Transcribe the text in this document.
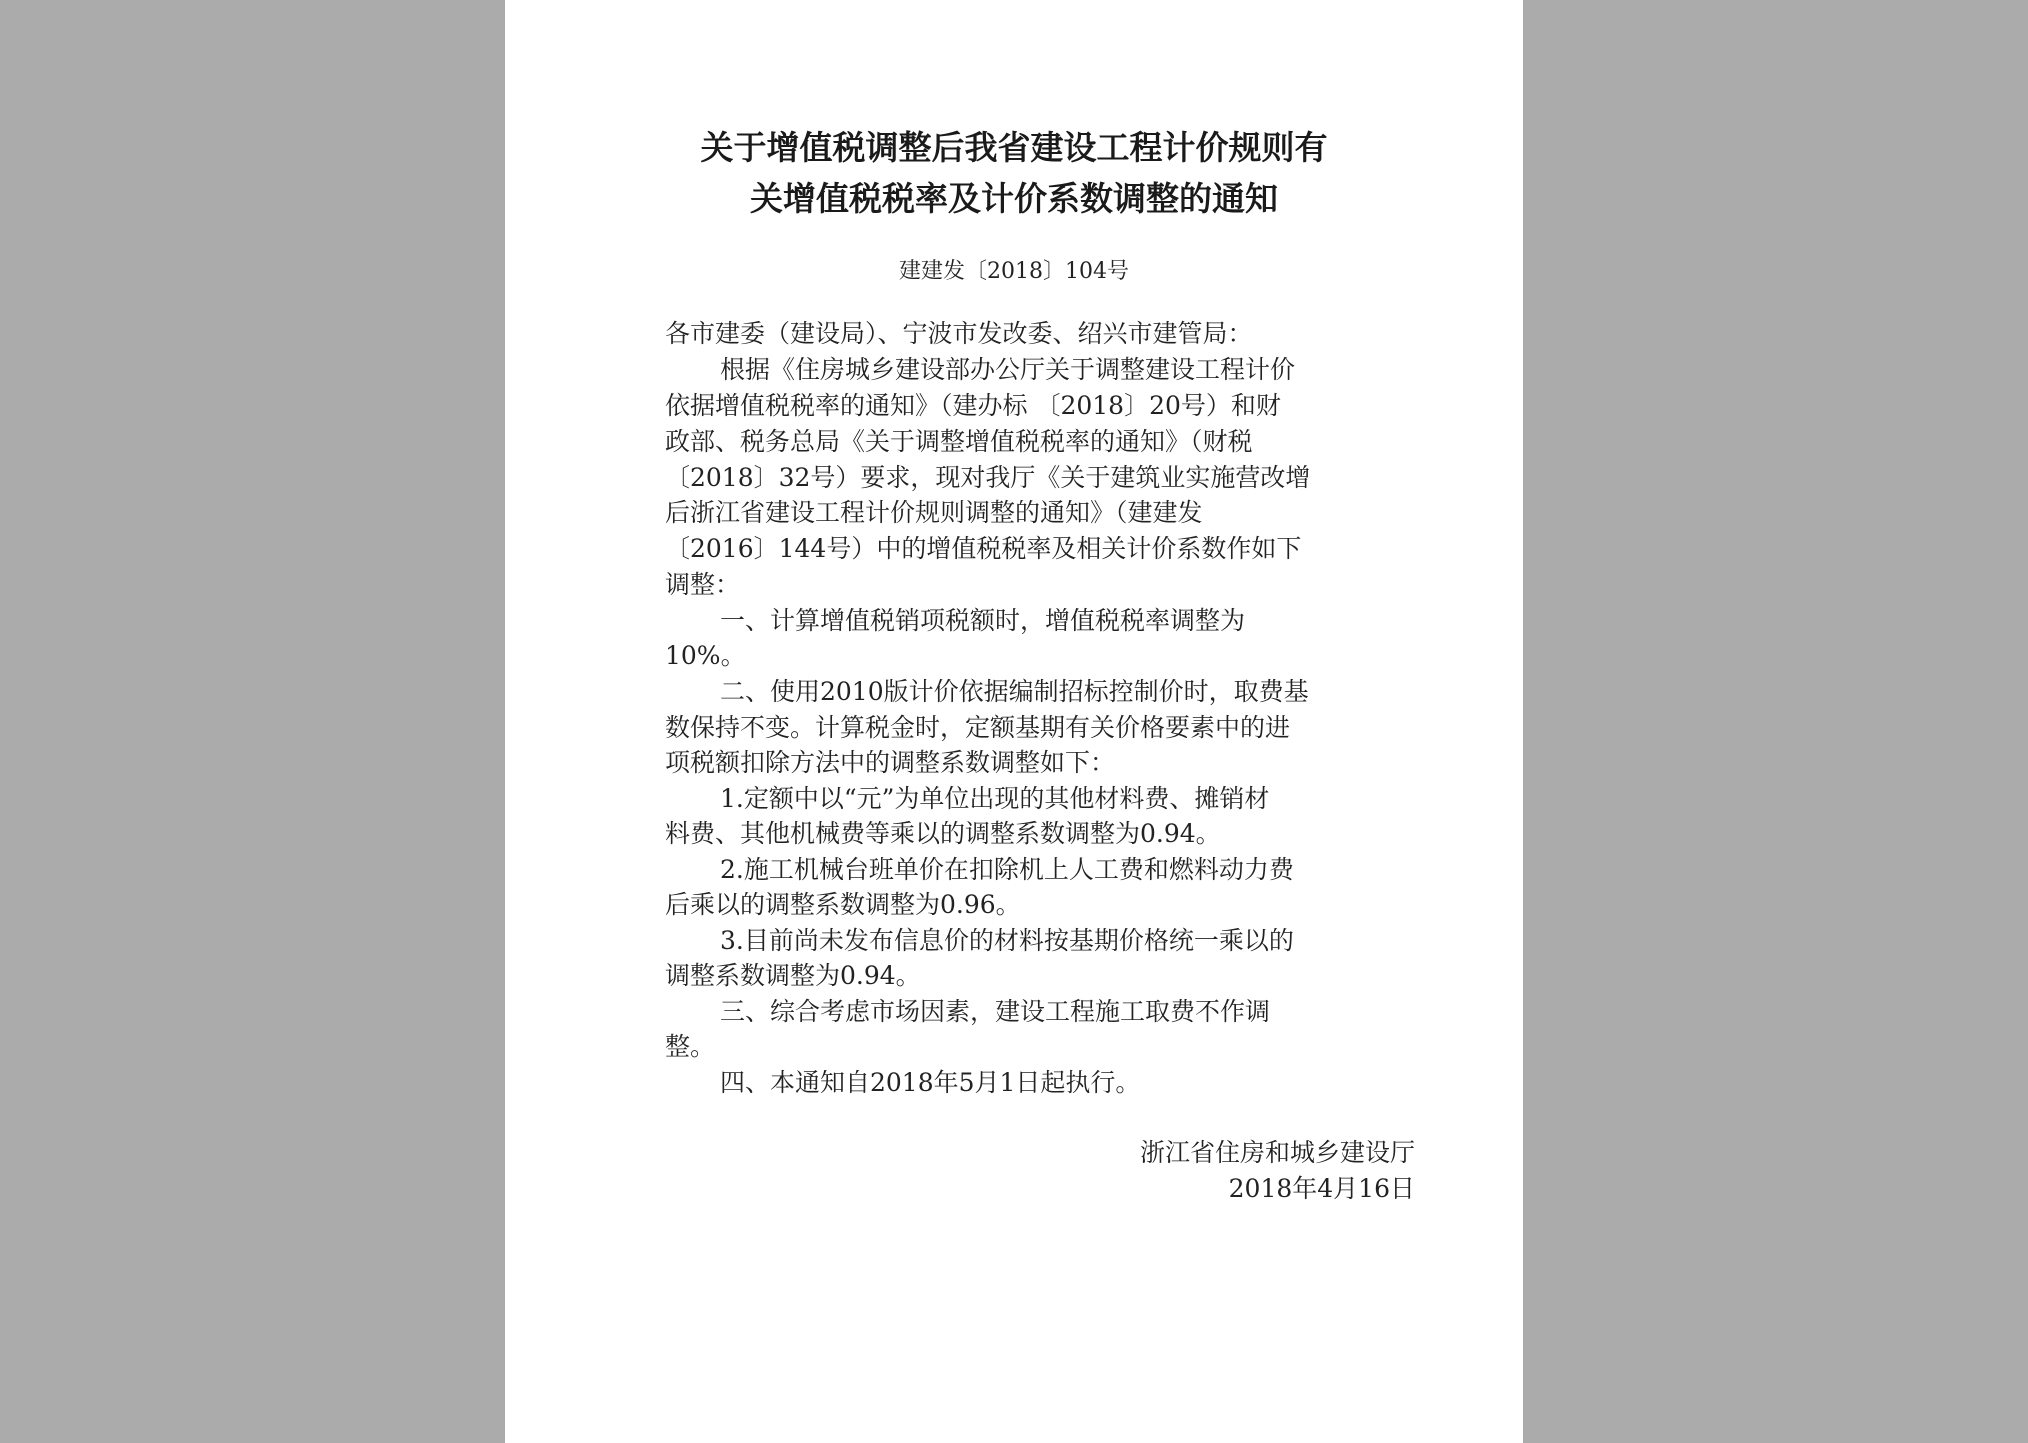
关于增值税调整后我省建设工程计价规则有
关增值税税率及计价系数调整的通知
建建发〔2018〕104号
各市建委（建设局）、宁波市发改委、绍兴市建管局：
根据《住房城乡建设部办公厅关于调整建设工程计价
依据增值税税率的通知》（建办标 〔2018〕20号）和财
政部、税务总局《关于调整增值税税率的通知》（财税
〔2018〕32号）要求，现对我厅《关于建筑业实施营改增
后浙江省建设工程计价规则调整的通知》（建建发
〔2016〕144号）中的增值税税率及相关计价系数作如下
调整：
一、计算增值税销项税额时，增值税税率调整为
10%。
二、使用2010版计价依据编制招标控制价时，取费基
数保持不变。计算税金时，定额基期有关价格要素中的进
项税额扣除方法中的调整系数调整如下：
1.定额中以“元”为单位出现的其他材料费、摊销材
料费、其他机械费等乘以的调整系数调整为0.94。
2.施工机械台班单价在扣除机上人工费和燃料动力费
后乘以的调整系数调整为0.96。
3.目前尚未发布信息价的材料按基期价格统一乘以的
调整系数调整为0.94。
三、综合考虑市场因素，建设工程施工取费不作调
整。
四、本通知自2018年5月1日起执行。
浙江省住房和城乡建设厅
2018年4月16日
